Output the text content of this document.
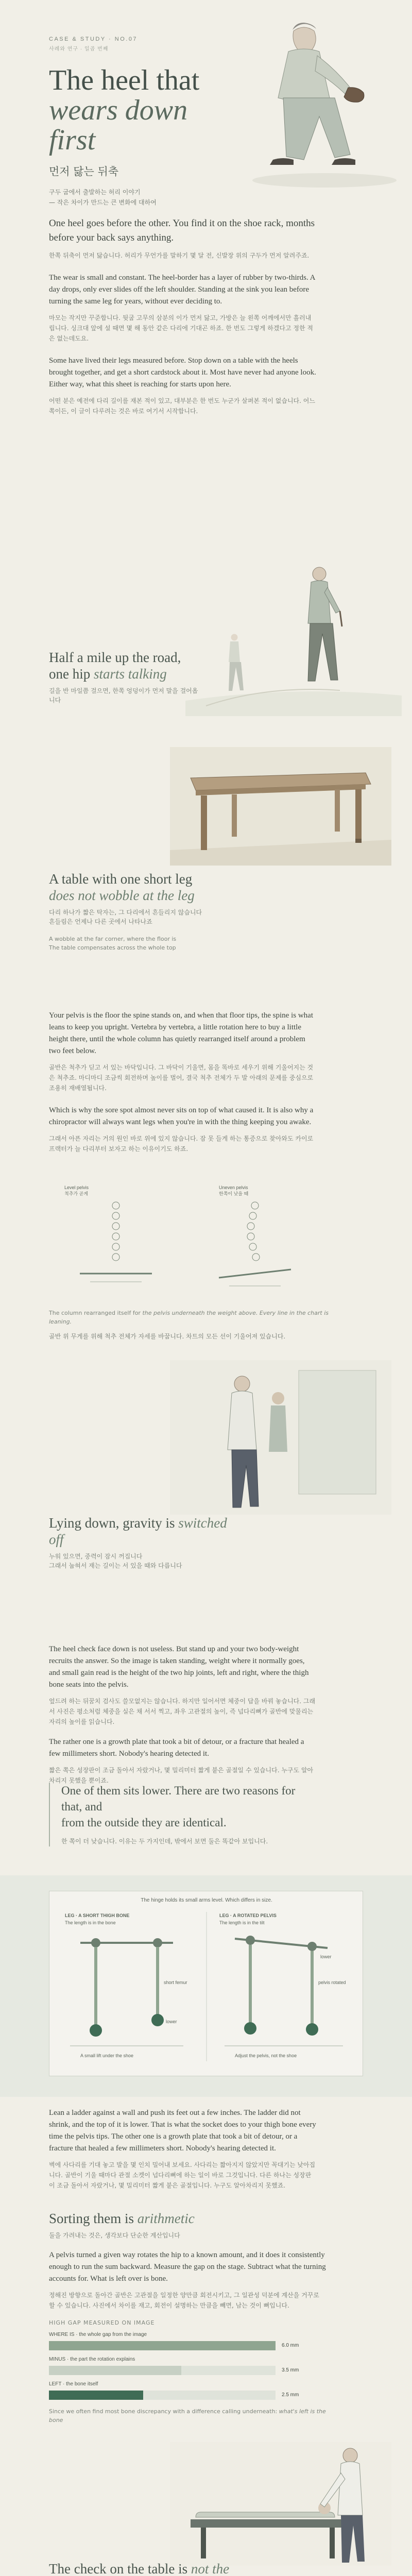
CASE & STUDY · NO.07
사례와 연구 · 일곱 번째
The heel that
wears down first
먼저 닳는 뒤축
구두 굽에서 출발하는 허리 이야기
— 작은 차이가 만드는 큰 변화에 대하여
One heel goes before the other. You find it on the shoe rack, months before your back says anything.
한쪽 뒤축이 먼저 닳습니다. 허리가 무언가를 말하기 몇 달 전, 신발장 위의 구두가 먼저 알려주죠.
The wear is small and constant. The heel-border has a layer of rubber by two-thirds. A day drops, only ever slides off the left shoulder. Standing at the sink you lean before turning the same leg for years, without ever deciding to.
마모는 작지만 꾸준합니다. 뒷굽 고무의 삼분의 이가 먼저 닳고, 가방은 늘 왼쪽 어깨에서만 흘러내립니다. 싱크대 앞에 설 때면 몇 해 동안 같은 다리에 기대곤 하죠. 한 번도 그렇게 하겠다고 정한 적은 없는데도요.
Some have lived their legs measured before. Stop down on a table with the heels brought together, and get a short cardstock about it. Most have never had anyone look. Either way, what this sheet is reaching for starts upon here.
어떤 분은 예전에 다리 길이를 재본 적이 있고, 대부분은 한 번도 누군가 살펴본 적이 없습니다. 어느 쪽이든, 이 글이 다루려는 것은 바로 여기서 시작합니다.
Half a mile up the road, one hip starts talking
길을 반 마일쯤 걸으면, 한쪽 엉덩이가 먼저 말을 걸어옵니다
A table with one short leg
does not wobble at the leg
다리 하나가 짧은 탁자는, 그 다리에서 흔들리지 않습니다
흔들림은 언제나 다른 곳에서 나타나죠
A wobble at the far corner, where the floor is
The table compensates across the whole top
Your pelvis is the floor the spine stands on, and when that floor tips, the spine is what leans to keep you upright. Vertebra by vertebra, a little rotation here to buy a little height there, until the whole column has quietly rearranged itself around a problem two feet below.
골반은 척추가 딛고 서 있는 바닥입니다. 그 바닥이 기울면, 몸을 똑바로 세우기 위해 기울어지는 것은 척추죠. 마디마디 조금씩 회전하며 높이를 벌어, 결국 척추 전체가 두 발 아래의 문제를 중심으로 조용히 재배열됩니다.
Which is why the sore spot almost never sits on top of what caused it. It is also why a chiropractor will always want legs when you're in with the thing keeping you awake.
그래서 아픈 자리는 거의 원인 바로 위에 있지 않습니다. 잠 못 들게 하는 통증으로 찾아와도 카이로프랙터가 늘 다리부터 보자고 하는 이유이기도 하죠.
Level pelvis
척추가 곧게
Uneven pelvis
한쪽이 낮을 때
The column rearranged itself for the pelvis underneath the weight above. Every line in the chart is leaning.
골반 위 무게를 위해 척추 전체가 자세를 바꿉니다. 차트의 모든 선이 기울어져 있습니다.
Lying down, gravity is switched off
누워 있으면, 중력이 잠시 꺼집니다
그래서 눕혀서 재는 길이는 서 있을 때와 다릅니다
The heel check face down is not useless. But stand up and your two body-weight recruits the answer. So the image is taken standing, weight where it normally goes, and small gain read is the height of the two hip joints, left and right, where the thigh bone seats into the pelvis.
엎드려 하는 뒤꿈치 검사도 쓸모없지는 않습니다. 하지만 일어서면 체중이 답을 바꿔 놓습니다. 그래서 사진은 평소처럼 체중을 실은 채 서서 찍고, 좌우 고관절의 높이, 즉 넙다리뼈가 골반에 맞물리는 자리의 높이를 읽습니다.
The rather one is a growth plate that took a bit of detour, or a fracture that healed a few millimeters short. Nobody's hearing detected it.
짧은 쪽은 성장판이 조금 돌아서 자랐거나, 몇 밀리미터 짧게 붙은 골절일 수 있습니다. 누구도 알아차리지 못했을 뿐이죠.
One of them sits lower. There are two reasons for that, and
from the outside they are identical.
한 쪽이 더 낮습니다. 이유는 두 가지인데, 밖에서 보면 둘은 똑같아 보입니다.
The hinge holds its small arms level. Which differs in size.
LEG · A SHORT THIGH BONE
The length is in the bone
LEG · A ROTATED PELVIS
The length is in the tilt
short femur
lower
A small lift under the shoe
pelvis rotated
lower
Adjust the pelvis, not the shoe
Lean a ladder against a wall and push its feet out a few inches. The ladder did not shrink, and the top of it is lower. That is what the socket does to your thigh bone every time the pelvis tips. The other one is a growth plate that took a bit of detour, or a fracture that healed a few millimeters short. Nobody's hearing detected it.
벽에 사다리를 기대 놓고 발을 몇 인치 밀어내 보세요. 사다리는 짧아지지 않았지만 꼭대기는 낮아집니다. 골반이 기울 때마다 관절 소켓이 넙다리뼈에 하는 일이 바로 그것입니다. 다른 하나는 성장판이 조금 돌아서 자랐거나, 몇 밀리미터 짧게 붙은 골절입니다. 누구도 알아차리지 못했죠.
Sorting them is arithmetic
둘을 가려내는 것은, 생각보다 단순한 계산입니다
A pelvis turned a given way rotates the hip to a known amount, and it does it consistently enough to run the sum backward. Measure the gap on the stage. Subtract what the turning accounts for. What is left over is bone.
정해진 방향으로 돌아간 골반은 고관절을 일정한 양만큼 회전시키고, 그 일관성 덕분에 계산을 거꾸로 할 수 있습니다. 사진에서 차이를 재고, 회전이 설명하는 만큼을 빼면, 남는 것이 뼈입니다.
HIGH GAP MEASURED ON IMAGE
WHERE IS · the whole gap from the image
6.0 mm
MINUS · the part the rotation explains
3.5 mm
LEFT · the bone itself
2.5 mm
Since we often find most bone discrepancy with a difference calling underneath: what's left is the bone
The check on the table is not the
